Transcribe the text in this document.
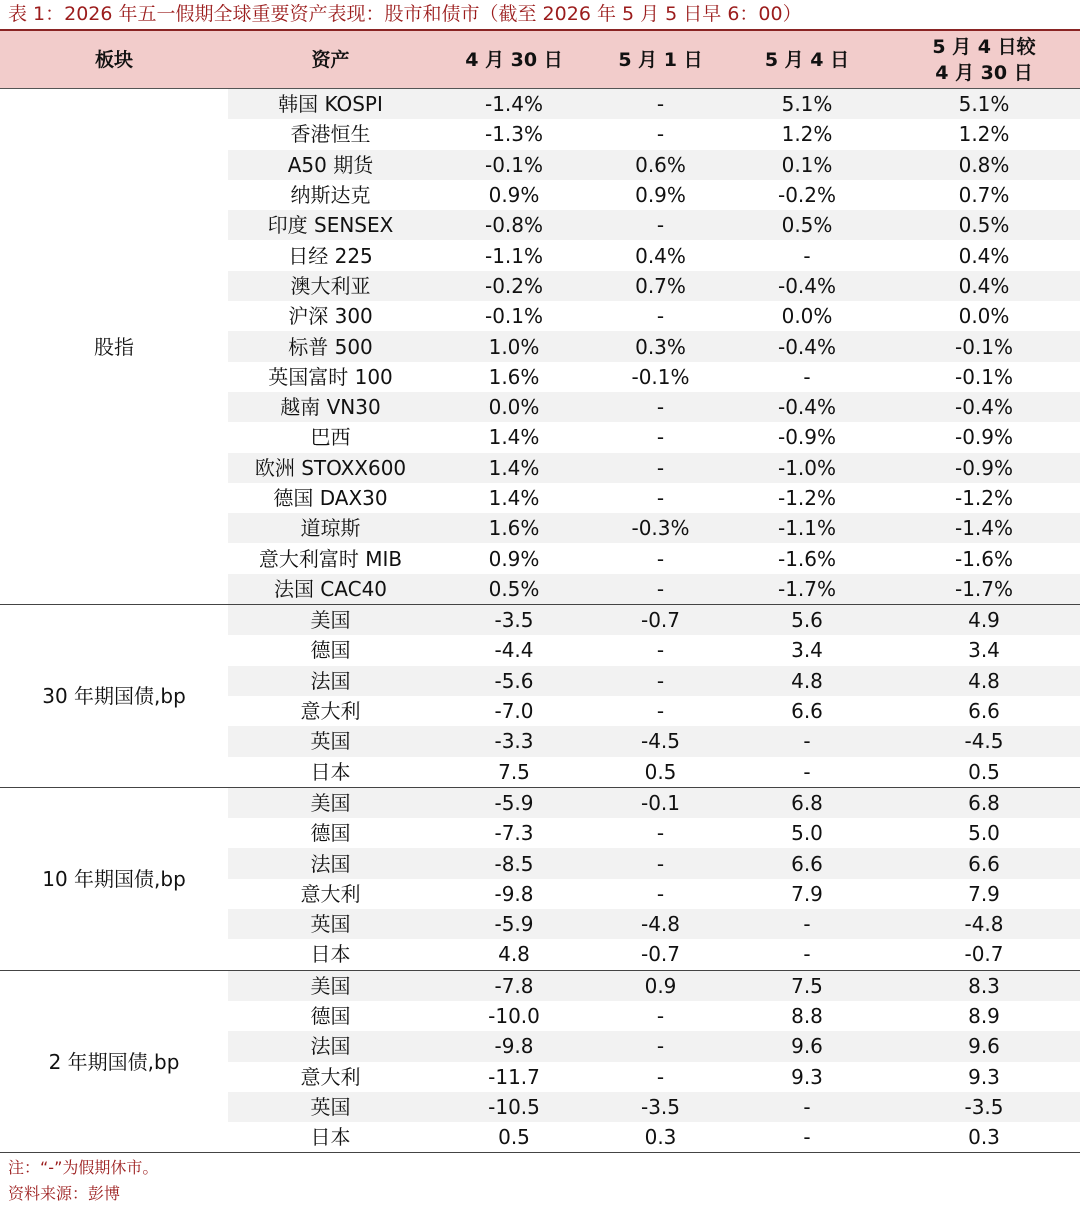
表 1：2026 年五一假期全球重要资产表现：股市和债市（截至 2026 年 5 月 5 日早 6：00）
板块	资产	4 月 30 日	5 月 1 日	5 月 4 日	5 月 4 日较
4 月 30 日
股指	韩国 KOSPI	-1.4%	-	5.1%	5.1%
	香港恒生	-1.3%	-	1.2%	1.2%
	A50 期货	-0.1%	0.6%	0.1%	0.8%
	纳斯达克	0.9%	0.9%	-0.2%	0.7%
	印度 SENSEX	-0.8%	-	0.5%	0.5%
	日经 225	-1.1%	0.4%	-	0.4%
	澳大利亚	-0.2%	0.7%	-0.4%	0.4%
	沪深 300	-0.1%	-	0.0%	0.0%
	标普 500	1.0%	0.3%	-0.4%	-0.1%
	英国富时 100	1.6%	-0.1%	-	-0.1%
	越南 VN30	0.0%	-	-0.4%	-0.4%
	巴西	1.4%	-	-0.9%	-0.9%
	欧洲 STOXX600	1.4%	-	-1.0%	-0.9%
	德国 DAX30	1.4%	-	-1.2%	-1.2%
	道琼斯	1.6%	-0.3%	-1.1%	-1.4%
	意大利富时 MIB	0.9%	-	-1.6%	-1.6%
	法国 CAC40	0.5%	-	-1.7%	-1.7%
30 年期国债,bp	美国	-3.5	-0.7	5.6	4.9
	德国	-4.4	-	3.4	3.4
	法国	-5.6	-	4.8	4.8
	意大利	-7.0	-	6.6	6.6
	英国	-3.3	-4.5	-	-4.5
	日本	7.5	0.5	-	0.5
10 年期国债,bp	美国	-5.9	-0.1	6.8	6.8
	德国	-7.3	-	5.0	5.0
	法国	-8.5	-	6.6	6.6
	意大利	-9.8	-	7.9	7.9
	英国	-5.9	-4.8	-	-4.8
	日本	4.8	-0.7	-	-0.7
2 年期国债,bp	美国	-7.8	0.9	7.5	8.3
	德国	-10.0	-	8.8	8.9
	法国	-9.8	-	9.6	9.6
	意大利	-11.7	-	9.3	9.3
	英国	-10.5	-3.5	-	-3.5
	日本	0.5	0.3	-	0.3
注：“-”为假期休市。
资料来源：彭博
